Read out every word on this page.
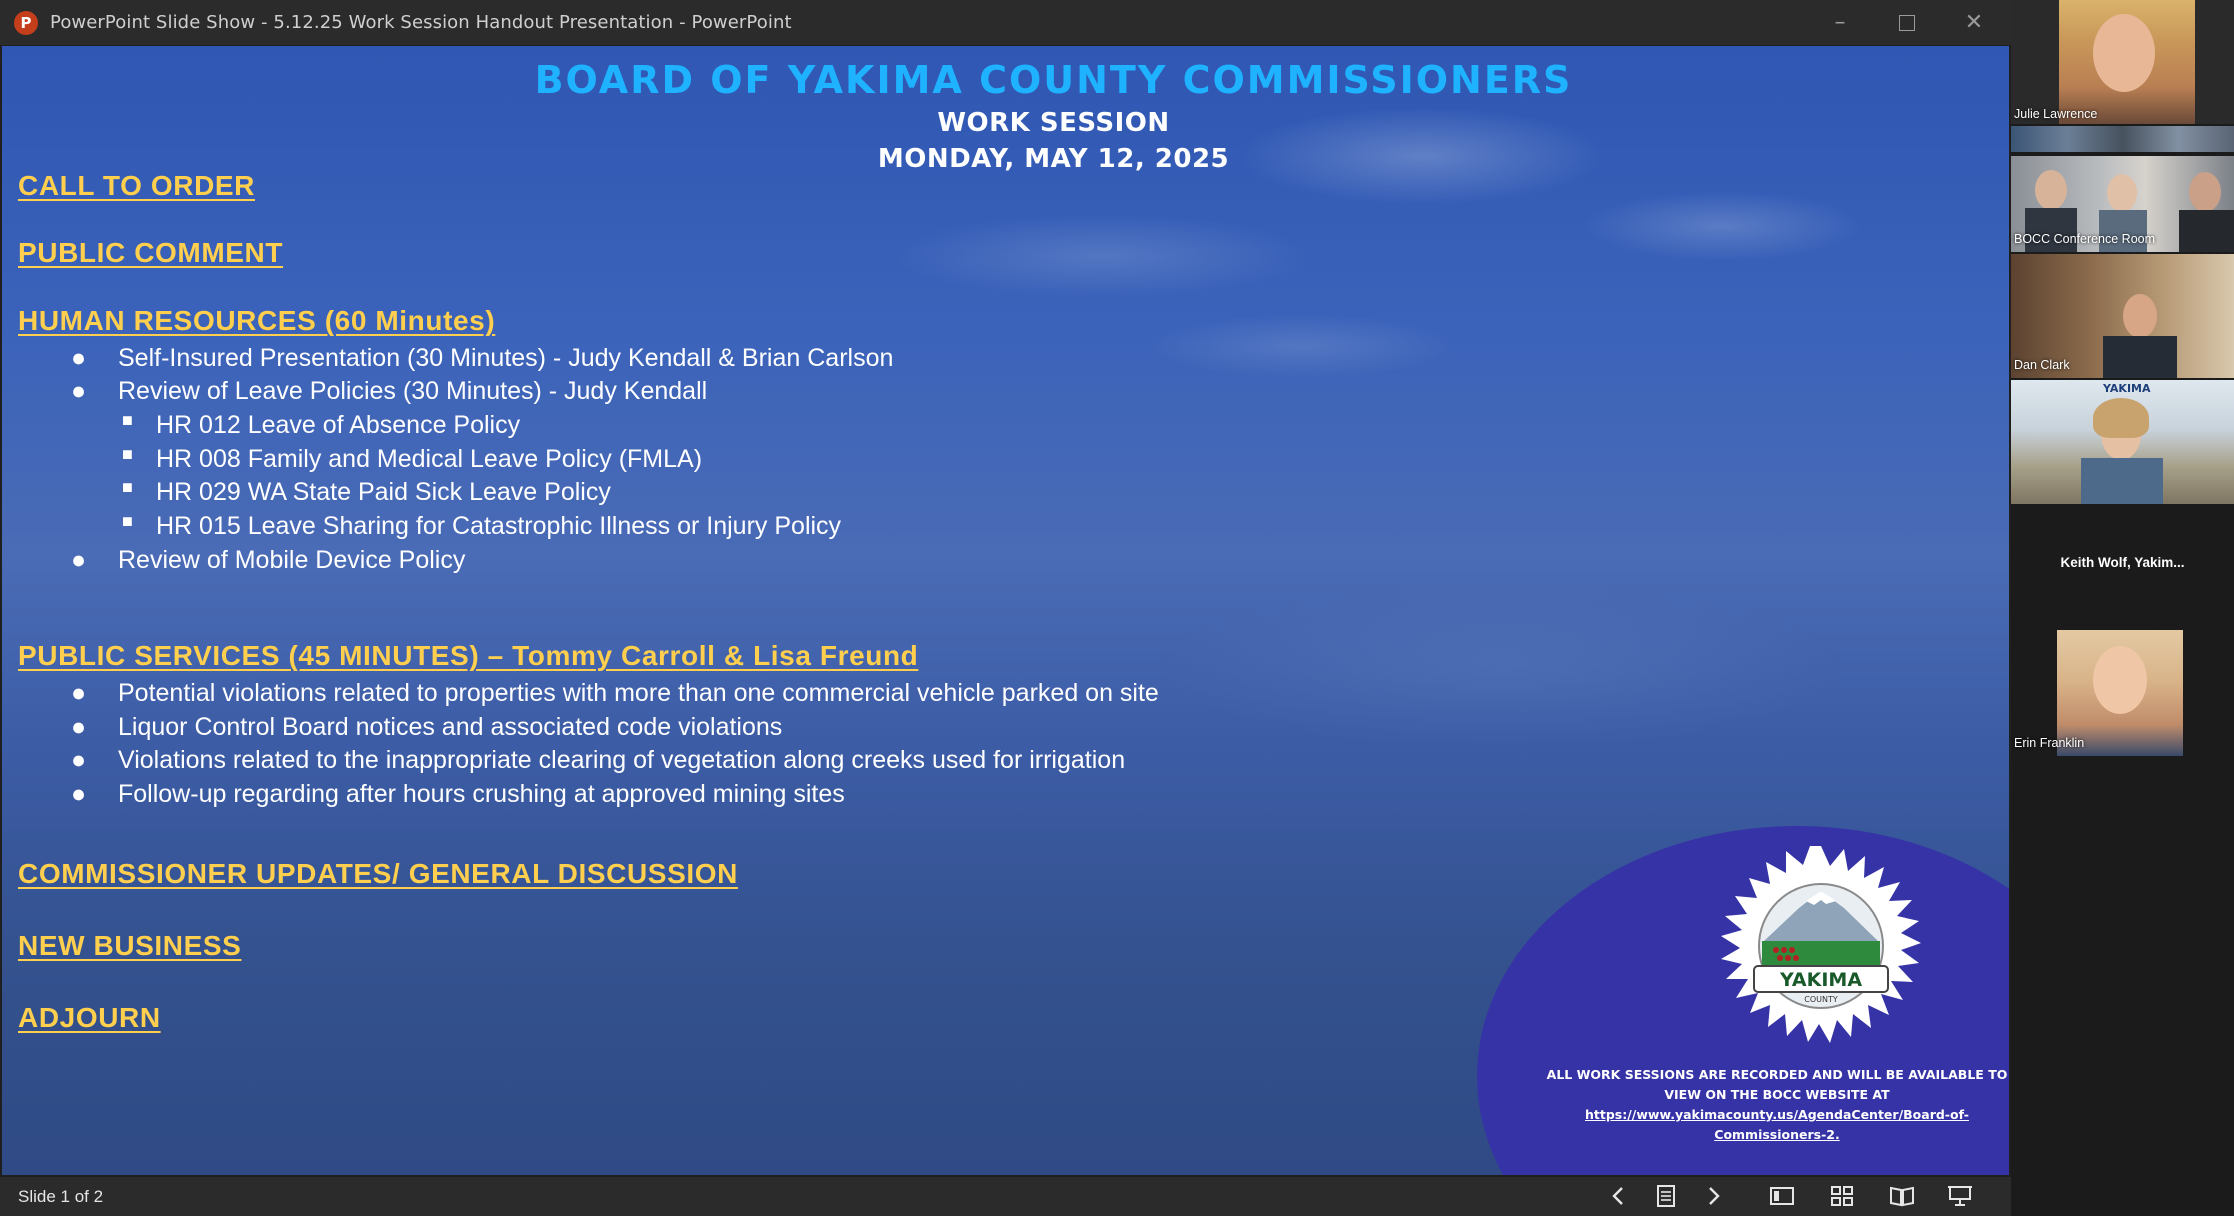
P	PowerPoint Slide Show - 5.12.25 Work Session Handout Presentation - PowerPoint	–	✕
BOARD OF YAKIMA COUNTY COMMISSIONERS
WORK SESSION
MONDAY, MAY 12, 2025
CALL TO ORDER
PUBLIC COMMENT
HUMAN RESOURCES (60 Minutes)
● Self-Insured Presentation (30 Minutes) - Judy Kendall & Brian Carlson
● Review of Leave Policies (30 Minutes) - Judy Kendall
■ HR 012 Leave of Absence Policy
■ HR 008 Family and Medical Leave Policy (FMLA)
■ HR 029 WA State Paid Sick Leave Policy
■ HR 015 Leave Sharing for Catastrophic Illness or Injury Policy
● Review of Mobile Device Policy
PUBLIC SERVICES (45 MINUTES) – Tommy Carroll & Lisa Freund
● Potential violations related to properties with more than one commercial vehicle parked on site
● Liquor Control Board notices and associated code violations
● Violations related to the inappropriate clearing of vegetation along creeks used for irrigation
● Follow-up regarding after hours crushing at approved mining sites
COMMISSIONER UPDATES/ GENERAL DISCUSSION
NEW BUSINESS
ADJOURN
YAKIMA
COUNTY
ALL WORK SESSIONS ARE RECORDED AND WILL BE AVAILABLE TO
VIEW ON THE BOCC WEBSITE AT
https://www.yakimacounty.us/AgendaCenter/Board-of-
Commissioners-2.
Slide 1 of 2
Julie Lawrence
BOCC Conference Room
Dan Clark
YAKIMA
Keith Wolf, Yakim...
Erin Franklin
